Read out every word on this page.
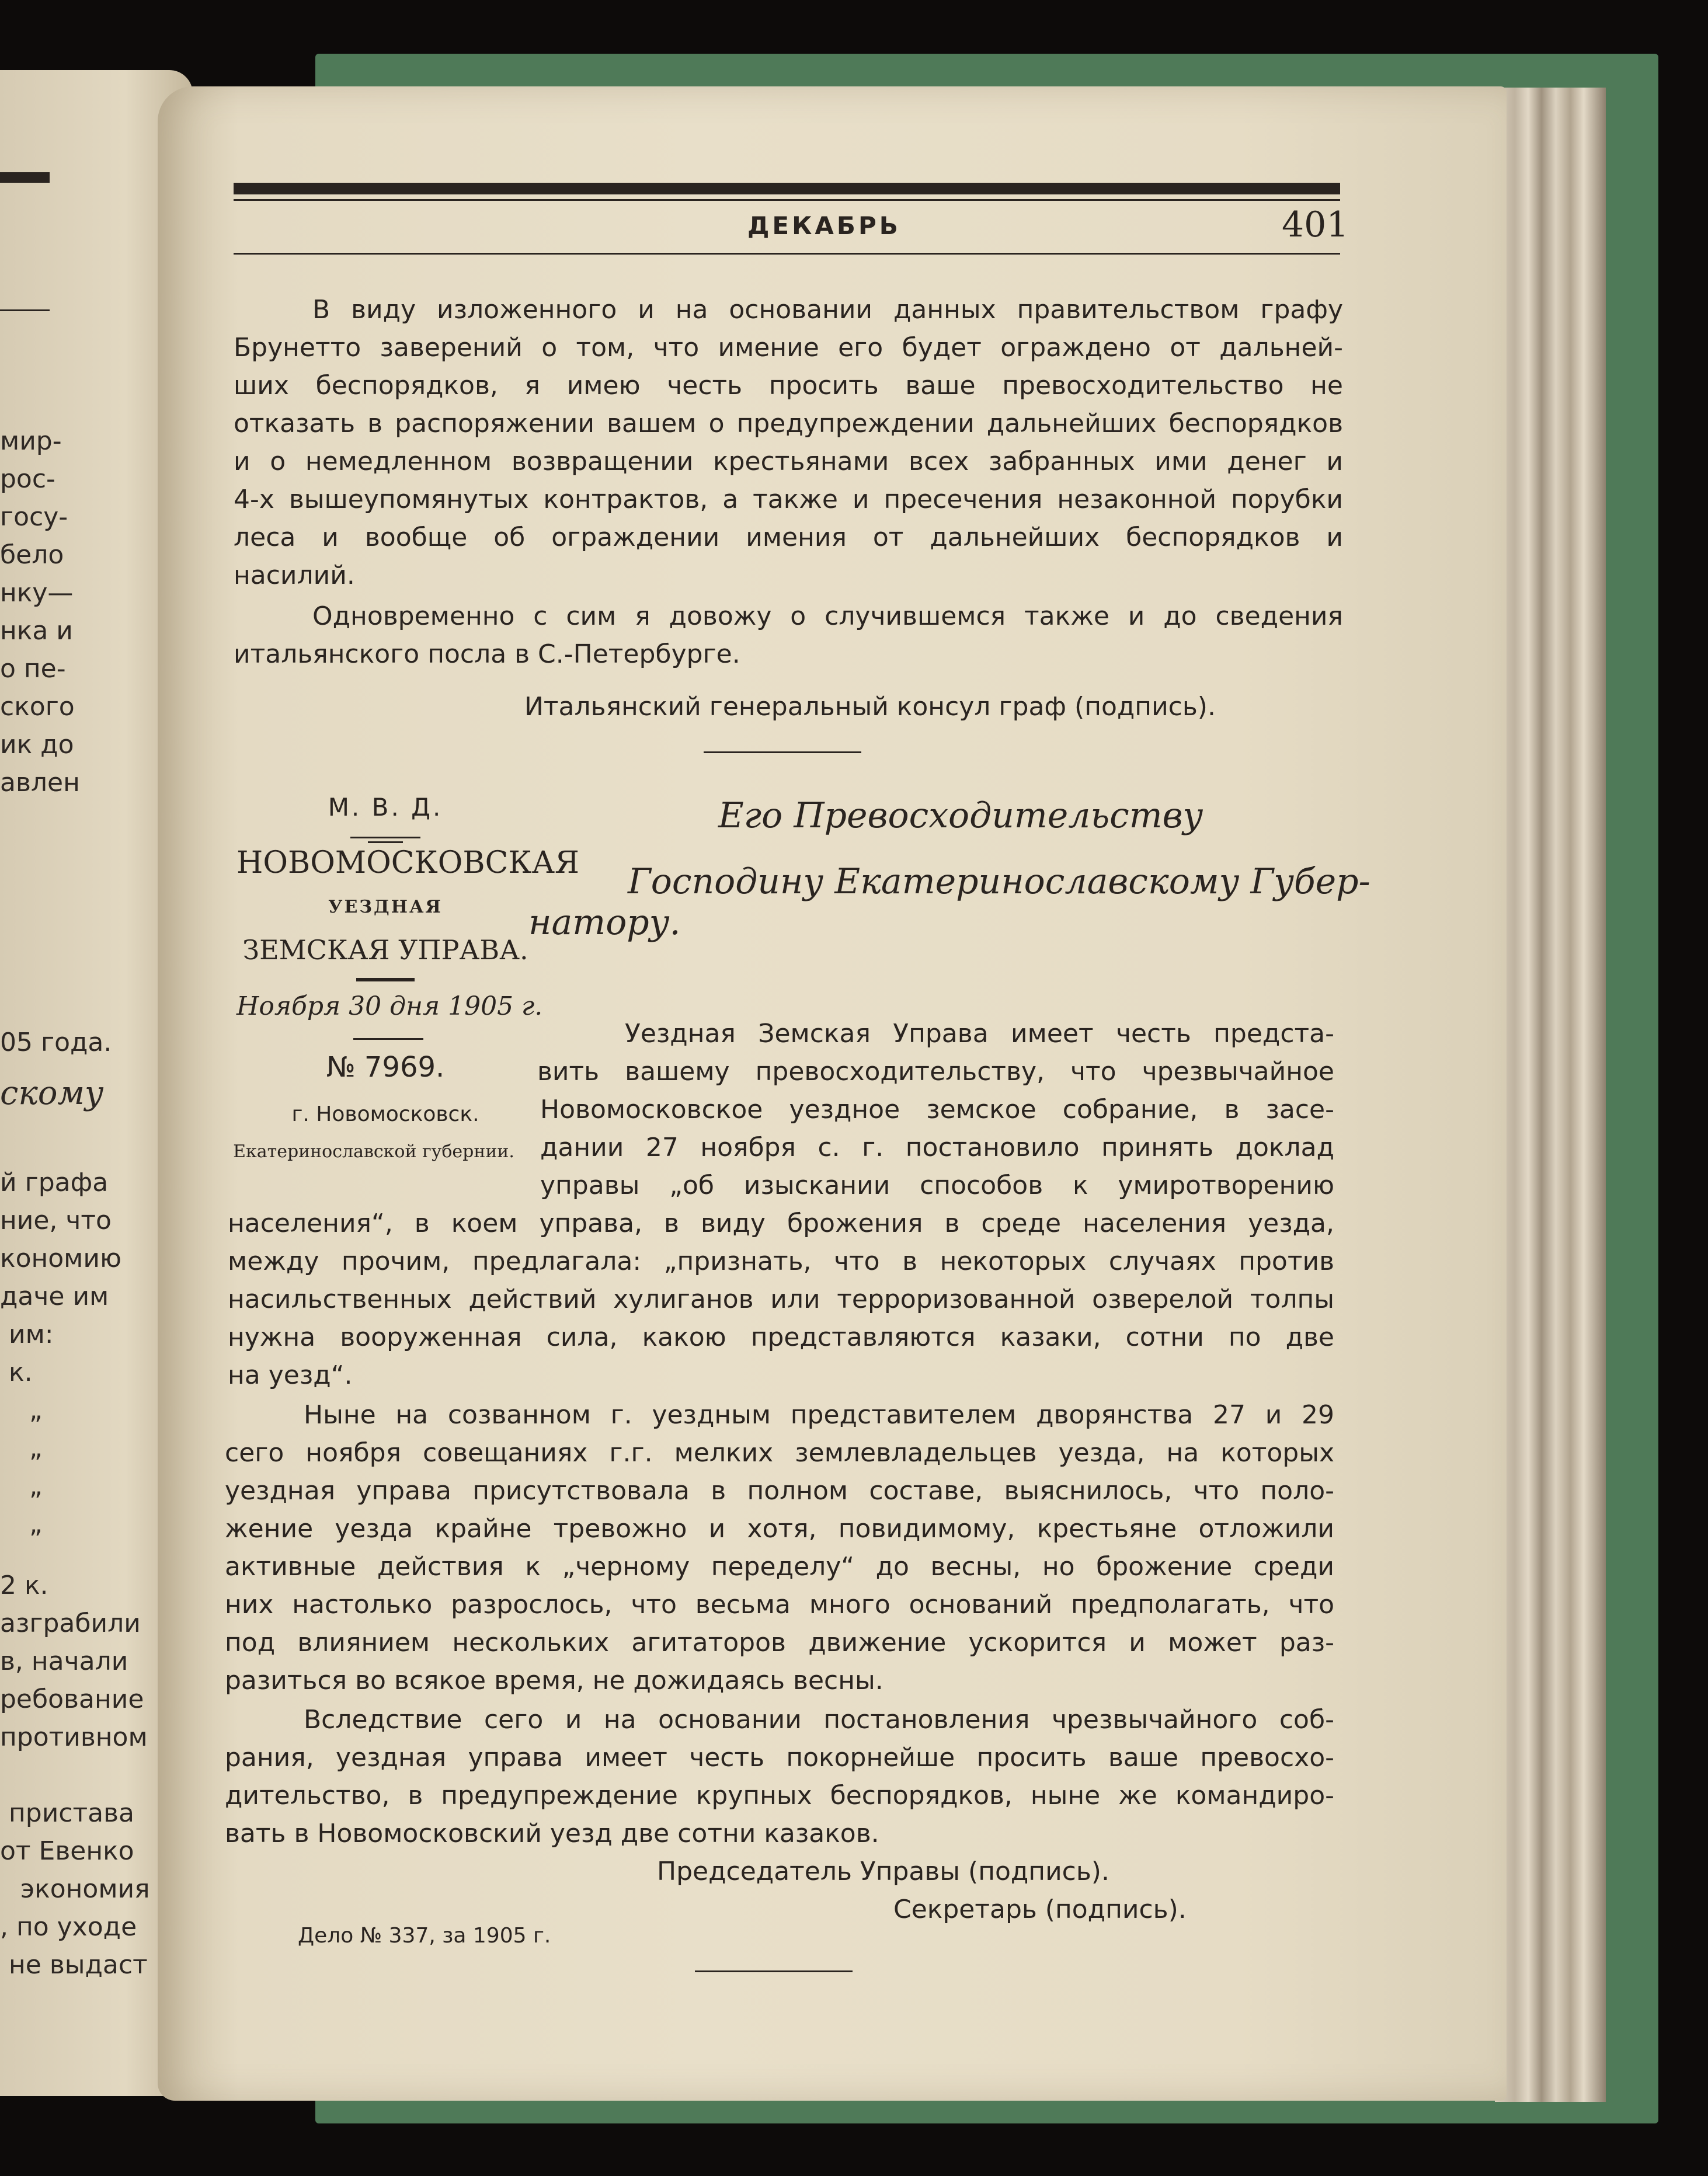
мир-
рос-
госу-
бело
нку—
нка и
о пе-
ского
ик до
авлен
05 года.
скому
й графа
ние, что
кономию
даче им
им:
к.
„
„
„
„
2 к.
азграбили
в, начали
ребование
противном
пристава
от Евенко
экономия
, по уходе
не выдаст
ДЕКАБРЬ	401
В виду изложенного и на основании данных правительством графу
Брунетто заверений о том, что имение его будет ограждено от дальней-
ших беспорядков, я имею честь просить ваше превосходительство не
отказать в распоряжении вашем о предупреждении дальнейших беспорядков
и о немедленном возвращении крестьянами всех забранных ими денег и
4-х вышеупомянутых контрактов, а также и пресечения незаконной порубки
леса и вообще об ограждении имения от дальнейших беспорядков и
насилий.
Одновременно с сим я довожу о случившемся также и до сведения
итальянского посла в С.-Петербурге.
Итальянский генеральный консул граф (подпись).
М. В. Д.
НОВОМОСКОВСКАЯ
УЕЗДНАЯ
ЗЕМСКАЯ УПРАВА.
Ноября 30 дня 1905 г.
№ 7969.
г. Новомосковск.
Екатеринославской губернии.
Его Превосходительству
Господину Екатеринославскому Губер-
натору.
Уездная Земская Управа имеет честь предста-
вить вашему превосходительству, что чрезвычайное
Новомосковское уездное земское собрание, в засе-
дании 27 ноября с. г. постановило принять доклад
управы „об изыскании способов к умиротворению
населения“, в коем управа, в виду брожения в среде населения уезда,
между прочим, предлагала: „признать, что в некоторых случаях против
насильственных действий хулиганов или терроризованной озверелой толпы
нужна вооруженная сила, какою представляются казаки, сотни по две
на уезд“.
Ныне на созванном г. уездным представителем дворянства 27 и 29
сего ноября совещаниях г.г. мелких землевладельцев уезда, на которых
уездная управа присутствовала в полном составе, выяснилось, что поло-
жение уезда крайне тревожно и хотя, повидимому, крестьяне отложили
активные действия к „черному переделу“ до весны, но брожение среди
них настолько разрослось, что весьма много оснований предполагать, что
под влиянием нескольких агитаторов движение ускорится и может раз-
разиться во всякое время, не дожидаясь весны.
Вследствие сего и на основании постановления чрезвычайного соб-
рания, уездная управа имеет честь покорнейше просить ваше превосхо-
дительство, в предупреждение крупных беспорядков, ныне же командиро-
вать в Новомосковский уезд две сотни казаков.
Председатель Управы (подпись).
Секретарь (подпись).
Дело № 337, за 1905 г.
